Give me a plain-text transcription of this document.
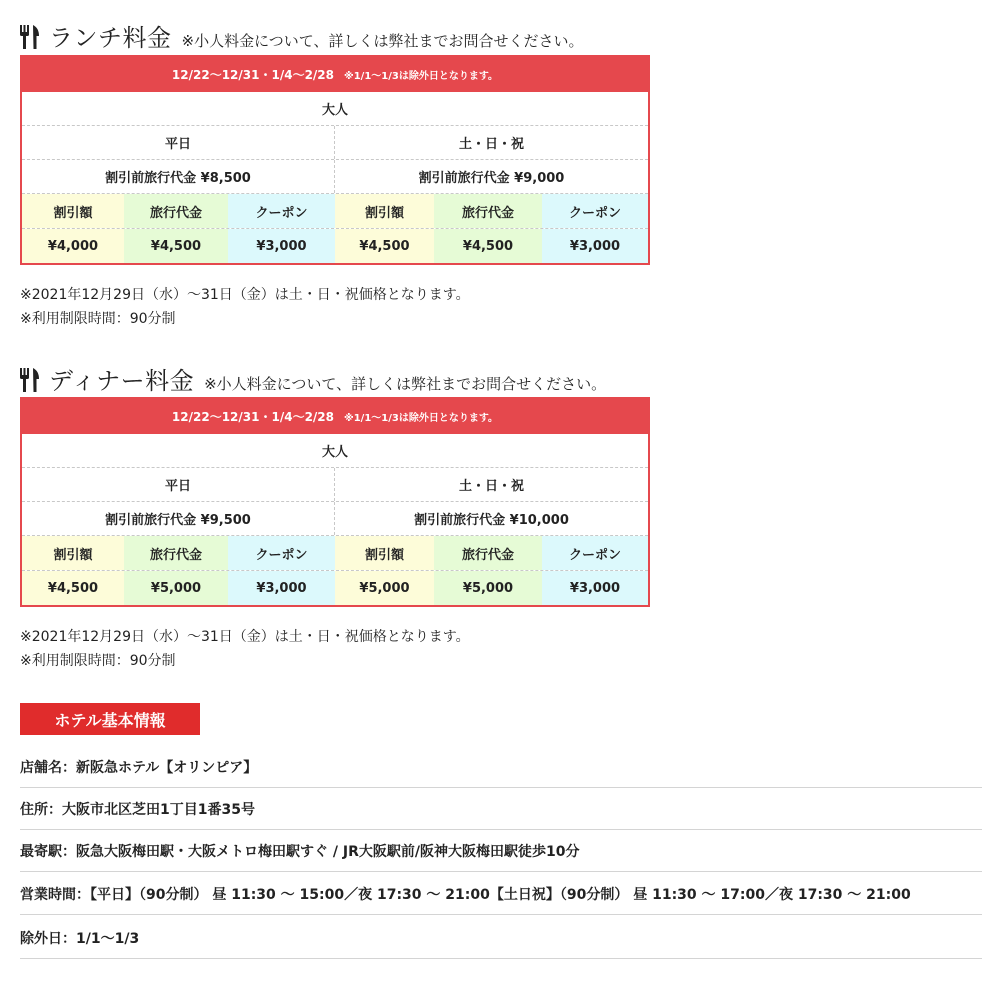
ランチ料金 ※小人料金について、詳しくは弊社までお問合せください。
12/22〜12/31・1/4〜2/28 ※1/1〜1/3は除外日となります。
大人
平日	土・日・祝
割引前旅行代金 ¥8,500	割引前旅行代金 ¥9,000
割引額	旅行代金	クーポン	割引額	旅行代金	クーポン
¥4,000	¥4,500	¥3,000	¥4,500	¥4,500	¥3,000
※2021年12月29日（水）〜31日（金）は土・日・祝価格となります。
※利用制限時間：90分制
ディナー料金 ※小人料金について、詳しくは弊社までお問合せください。
12/22〜12/31・1/4〜2/28 ※1/1〜1/3は除外日となります。
大人
平日	土・日・祝
割引前旅行代金 ¥9,500	割引前旅行代金 ¥10,000
割引額	旅行代金	クーポン	割引額	旅行代金	クーポン
¥4,500	¥5,000	¥3,000	¥5,000	¥5,000	¥3,000
※2021年12月29日（水）〜31日（金）は土・日・祝価格となります。
※利用制限時間：90分制
ホテル基本情報
店舗名：新阪急ホテル【オリンピア】
住所：大阪市北区芝田1丁目1番35号
最寄駅：阪急大阪梅田駅・大阪メトロ梅田駅すぐ / JR大阪駅前/阪神大阪梅田駅徒歩10分
営業時間：【平日】（90分制） 昼 11:30 〜 15:00／夜 17:30 〜 21:00【土日祝】（90分制） 昼 11:30 〜 17:00／夜 17:30 〜 21:00
除外日：1/1〜1/3
